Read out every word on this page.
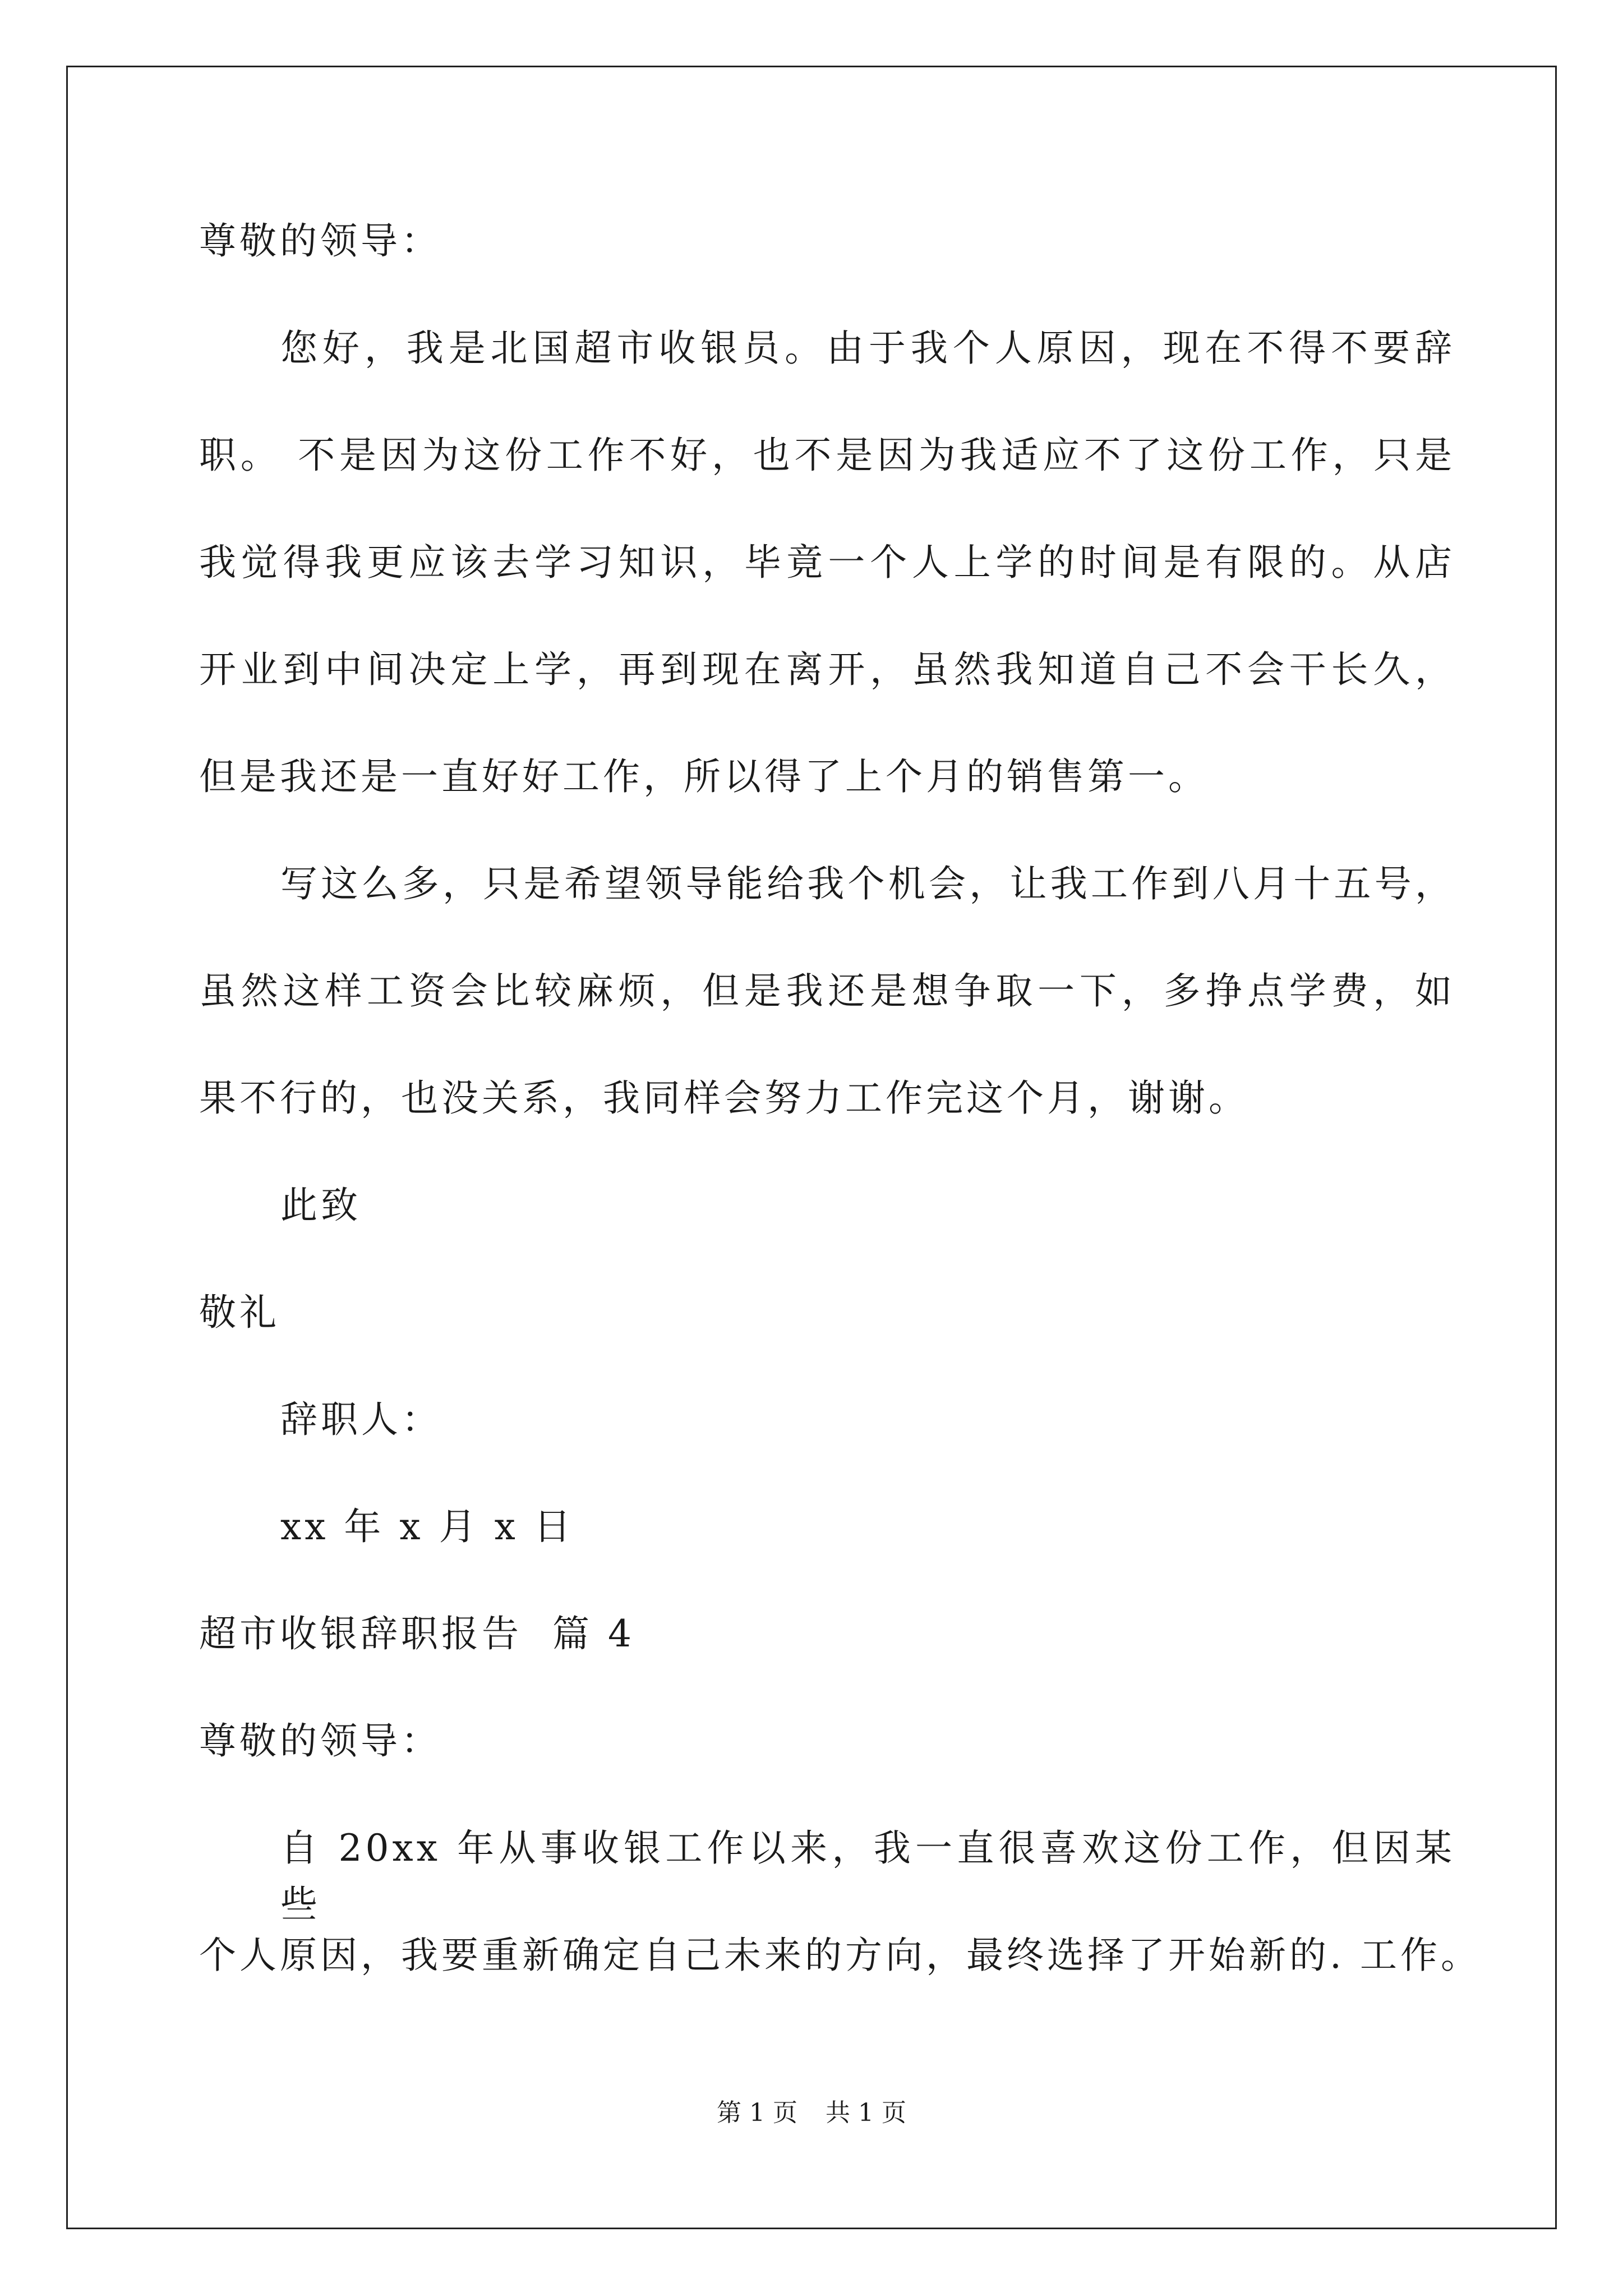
尊敬的领导：
您好，我是北国超市收银员。由于我个人原因，现在不得不要辞
职。 不是因为这份工作不好，也不是因为我适应不了这份工作，只是
我觉得我更应该去学习知识，毕竟一个人上学的时间是有限的。从店
开业到中间决定上学，再到现在离开，虽然我知道自己不会干长久，
但是我还是一直好好工作，所以得了上个月的销售第一。
写这么多，只是希望领导能给我个机会，让我工作到八月十五号，
虽然这样工资会比较麻烦，但是我还是想争取一下，多挣点学费，如
果不行的，也没关系，我同样会努力工作完这个月，谢谢。
此致
敬礼
辞职人：
xx 年 x 月 x 日
超市收银辞职报告  篇 4
尊敬的领导：
自 20xx 年从事收银工作以来，我一直很喜欢这份工作，但因某些
个人原因，我要重新确定自己未来的方向，最终选择了开始新的. 工作。
第 1 页 共 1 页
